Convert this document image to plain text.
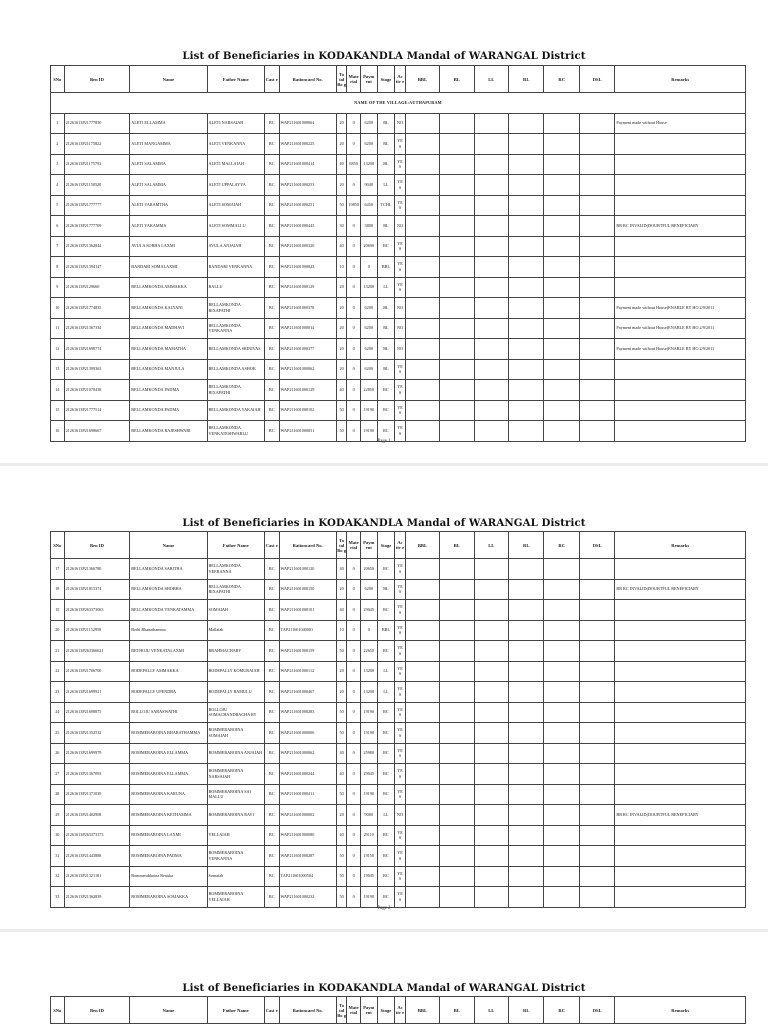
List of Beneficiaries in KODAKANDLA Mandal of WARANGAL District
SNo	Ben ID	Name	Father Name	Cast e	Rationcard No.	To tal Bo g	Mate rial	Paym ent	Stage	Ac tiv e	BBL	BL	LL	RL	RC	DSL	Remarks
NAME OF THE VILLAGE:AUTHAPURAM																	
1	21261613P21777850	ALETI ELLAMMA	ALETI NARSAIAH	BC	WAP211601000064	20	0	6200	BL	NO							Payment made without House
2	21261613P21175822	ALETI MANGAMMA	ALETI VENKANNA	BC	WAP211601000225	20	0	6200	BL	YE S							
3	21261613P21175793	ALETI SALAMMA	ALETI MALLAIAH	BC	WAP211601000414	40	6850	13200	BL	YE S							
4	21261613P21150520	ALETI SALAMMA	ALETI UPPALAYYA	BC	WAP211601000253	20	0	9040	LL	YE S							
5	21261613P21777777	ALETI VARAMTHA	ALETI SOMAIAH	BC	WAP211601000251	50	19850	6450	TCHL	YE S							
6	21261613P21777709	ALETI YAKAMMA	ALETI SOMMALLU	BC	WAP211601000443	30	0	3800	BL	NO							BR RC INVALID(DOUBTFUL BENEFICIARY
7	21261613P21362844	AVULA SOBHA LAXMI	AVULA ANJAIAH	BC	WAP211601000320	40	0	20690	RC	YE S							
8	21261613P21394147	BANDARI SOMALAXMI	BANDARI VENKANNA	BC	WAP211601000023	10	0	0	BBL	YE S							
9	21261613P2129660	BELLAMKONDA AMMAKKA	BALLU	BC	WAP211601000129	20	0	13200	LL	YE S							
10	21261613P21774835	BELLAMKONDA KALYANI	BELLAMKONDA BIXAPATHI	BC	WAP211601000378	20	0	6200	BL	NO							Payment made without House(ENABLE BY HO 2/9/2011
11	21261613P21367334	BELLAMKONDA MADHAVI	BELLAMKONDA VENKANNA	BC	WAP211601000014	20	0	6200	BL	NO							Payment made without House(ENABLE BY HO 2/9/2011
12	21261613P21698774	BELLAMKONDA MAMATHA	BELLAMKONDA SRINIVAS	BC	WAP211601000377	20	0	6200	BL	NO							Payment made without House(ENABLE BY HO 2/9/2011
13	21261613P21399363	BELLAMKONDA MANJULA	BELLAMKONDA ASHOK	BC	WAP211601000062	20	0	6200	BL	YE S							
14	21261613P21078438	BELLAMKONDA PADMA	BELLAMKONDA BIXAPATHI	BC	WAP211601000129	40	0	22850	RC	YE S							
15	21261613P21777514	BELLAMKONDA PADMA	BELLAMKONDA YAKAIAH	BC	WAP211601000102	50	0	19190	RC	YE S							
16	21261613P21698667	BELLAMKONDA RAJESHWARI	BELLAMKONDA VENKATESHWARLU	BC	WAP211601000051	50	0	19190	RC	YE S							
Page 1
List of Beneficiaries in KODAKANDLA Mandal of WARANGAL District
SNo	Ben ID	Name	Father Name	Cast e	Rationcard No.	To tal Bo g	Mate rial	Paym ent	Stage	Ac tiv e	BBL	BL	LL	RL	RC	DSL	Remarks
17	21261613P21366780	BELLAMKONDA SARITHA	BELLAMKONDA VEERANNA	BC	WAP211601000120	40	0	20650	RC	YE S							
18	21261613P21815374	BELLAMKONDA SHOBHA	BELLAMKONDA BIXAPATHI	BC	WAP211601000150	20	0	6200	BL	YE S							BR RC INVALID(DOUBTFUL BENEFICIARY
19	21261613P263373063	BELLAMKONDA VENKATAMMA	SOMAIAH	BC	WAP211601000101	40	0	29045	RC	YE S							
20	21261613P21152958	Bethi Bhanathamma	Mallaiah	BC	TAP211601040001	10	0	0	BBL	YE S							
21	21261613P263366621	BETHOJU VENKATALAXMI	BRAHMACHARY	BC	WAP211601000159	50	0	22650	RC	YE S							
22	21261613P21706700	BODEPALLY AMMAKKA	BODEPALLY KOMURAIAH	BC	WAP211601000112	20	0	13200	LL	YE S							
23	21261613P21699921	BODEPALLY UPENDRA	BODEPALLY RAMULU	BC	WAP211601000467	20	0	13200	LL	YE S							
24	21261613P21698875	BOLLOJU SARASWATHI	BOLLOJU SOMACHANDRACHA RY	BC	WAP211601000283	50	0	19190	RC	YE S							
25	21261613P21352532	BOMMERABOINA BHARATHAMMA	BOMMERABOINA SOMAIAH	BC	WAP211601000006	50	0	19190	RC	YE S							
26	21261613P21699979	BOMMERABOINA ELLAMMA	BOMMERABOINA ANJAIAH	BC	WAP211601000062	40	0	25980	RC	YE S							
27	21261613P21367093	BOMMERABOINA ELLAMMA	BOMMERABOINA NARSAIAH	BC	WAP211601000244	40	0	29045	RC	YE S							
28	21261613P21371039	BOMMERABOINA KARUNA	BOMMERABOINA SAI MALLU	BC	WAP211601000411	50	0	19190	RC	YE S							
29	21261613P21402908	BOMMERABOINA KETHAMMA	BOMMERABOINA RAVI	BC	WAP211601000002	20	0	9000	LL	NO							BR RC INVALID(DOUBTFUL BENEFICIARY
30	21261613P263373373	BOMMERABOINA LAXMI	YELLAIAH	BC	WAP211601000080	40	0	29110	RC	YE S							
31	21261613P21443888	BOMMERABOINA PADMA	BOMMERABOINA VENKANNA	BC	WAP211601000287	50	0	19150	RC	YE S							
32	21261613P21321181	Bommerabhoina Renuka	Somaiah	BC	TAP211601000504	50	0	19045	RC	YE S							
33	21261613P21362839	BOMMERABOINA SOMAKKA	BOMMERABOINA YELLAIAH	BC	WAP211601000232	50	0	19190	RC	YE S							
Page 2
List of Beneficiaries in KODAKANDLA Mandal of WARANGAL District
SNo	Ben ID	Name	Father Name	Cast e	Rationcard No.	To tal Bo g	Mate rial	Paym ent	Stage	Ac tiv e	BBL	BL	LL	RL	RC	DSL	Remarks
